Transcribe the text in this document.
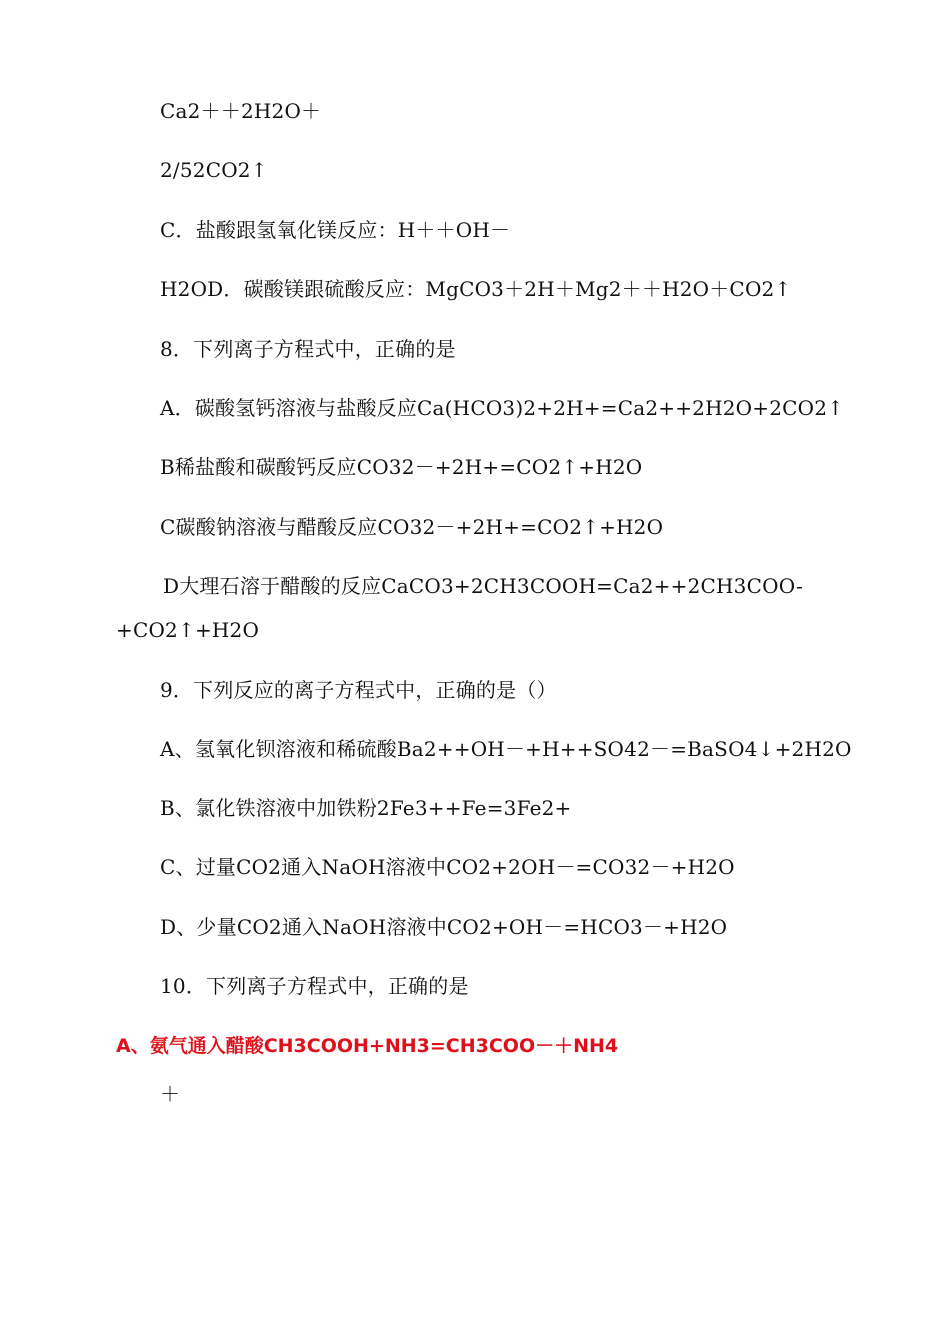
Ca2＋＋2H2O＋
2/52CO2↑
C．盐酸跟氢氧化镁反应：H＋＋OH－
H2OD．碳酸镁跟硫酸反应：MgCO3＋2H＋Mg2＋＋H2O＋CO2↑
8．下列离子方程式中，正确的是
A．碳酸氢钙溶液与盐酸反应Ca(HCO3)2+2H+=Ca2++2H2O+2CO2↑
B稀盐酸和碳酸钙反应CO32－+2H+=CO2↑+H2O
C碳酸钠溶液与醋酸反应CO32－+2H+=CO2↑+H2O
D大理石溶于醋酸的反应CaCO3+2CH3COOH=Ca2++2CH3COO-
+CO2↑+H2O
9．下列反应的离子方程式中，正确的是（）
A、氢氧化钡溶液和稀硫酸Ba2++OH－+H++SO42－=BaSO4↓+2H2O
B、氯化铁溶液中加铁粉2Fe3++Fe=3Fe2+
C、过量CO2通入NaOH溶液中CO2+2OH－=CO32－+H2O
D、少量CO2通入NaOH溶液中CO2+OH－=HCO3－+H2O
10．下列离子方程式中，正确的是
A、氨气通入醋酸CH3COOH+NH3=CH3COO－＋NH4
＋
